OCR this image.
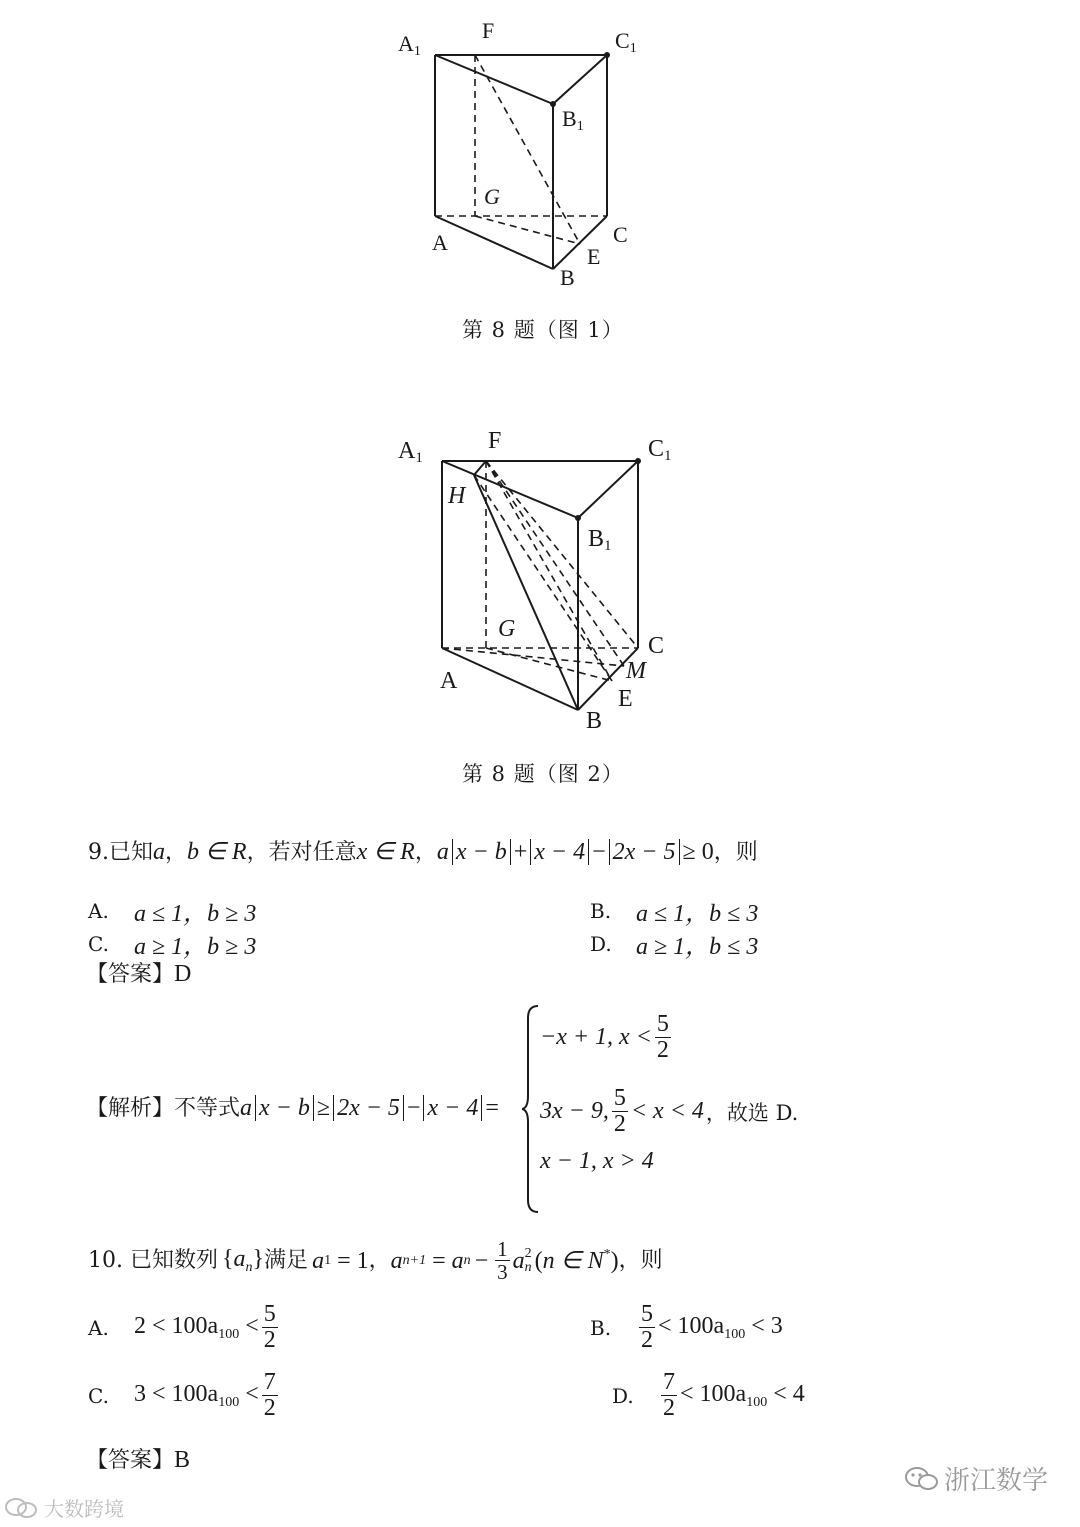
A1
F	C1
B1
G
A	C
B
E
第 8 题（图 1）
A1
F	C1
H
B1
G
C
M
A
E
B
第 8 题（图 2）
9.已知a，b ∈ R，若对任意x ∈ R，a x − b + x − 4 − 2x − 5 ≥ 0，则
A.	a ≤ 1，b ≥ 3	B.	a ≤ 1，b ≤ 3
C.	a ≥ 1，b ≥ 3	D.	a ≥ 1，b ≤ 3
【答案】D
【解析】不等式a x − b ≥ 2x − 5 − x − 4 =
−x + 1, $x < \frac{5}{2}$
3x − 9, $\frac{5}{2} < x < 4$ ，故选 D.
x − 1, x > 4
10. 已知数列 $\{a_n\}$ 满足 a 1 = 1 ， a n+1 = a $n - \frac{1}{3}$ a 2
n (n ∈ N*) ，则
A.	$2 < 100a_{100} < \frac{5}{2}$	B.	$\frac{5}{2} < 100a_{100} < 3$
C.	$3 < 100a_{100} < \frac{7}{2}$	D.	$\frac{7}{2} < 100a_{100} < 4$
【答案】B
大数跨境
浙江数学
